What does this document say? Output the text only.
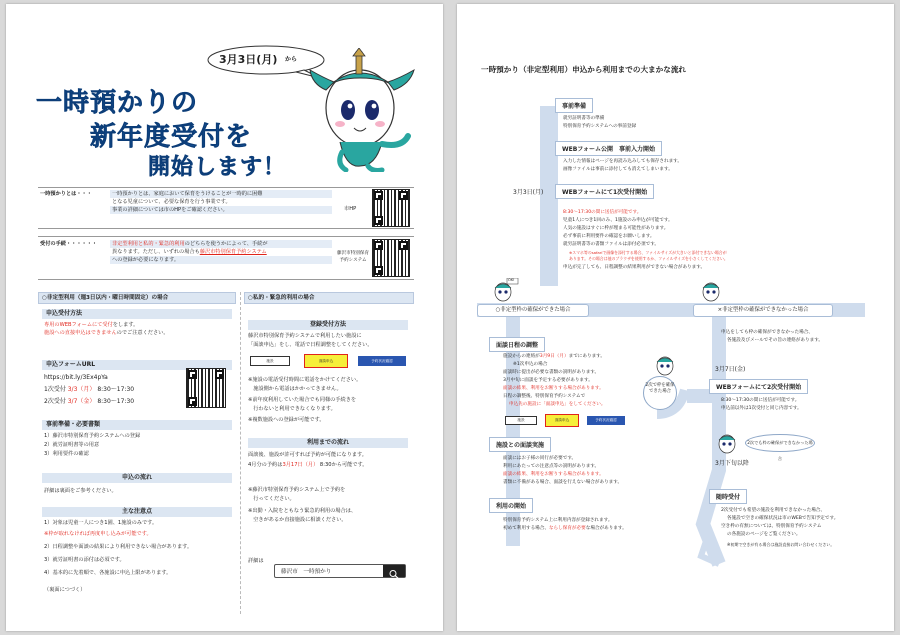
3月3日(月) から
一時預かりの
新年度受付を
開始します！
一時預かりとは・・・	一時預かりとは、家庭において保育をうけることが一時的に困難
となる児童について、必要な保育を行う事業です。
事業の詳細については市のHPをご確認ください。	市HP
受付の手続・・・・・・	非定型利用と私的・緊急的利用のどちらを使うかによって、手続が
異なります。ただし、いずれの場合も藤沢市特別保育予約システム
への登録が必要になります。
藤沢市特別保育予約システム
○非定型利用（週3日以内・曜日時間固定）の場合	○私的・緊急的利用の場合
申込受付方法
専用のWEBフォームにて受付をします。
施設への直接申込はできませんのでご注意ください。
申込フォームURL
https://bit.ly/3Ex4pYa
1次受付 3/3（月） 8:30～17:30
2次受付 3/7（金） 8:30～17:30
事前準備・必要書類
1）藤沢市特別保育予約システムへの登録
2）就労証明書等の用意
3）利用要件の確認
申込の流れ
詳細は裏面をご参考ください。
主な注意点
1）対象は児童一人につき1園、1施設のみです。
※枠が取れなければ再度申し込みが可能です。
2）日程調整や面談の結果により利用できない場合があります。
3）就労証明書の添付は必須です。
4）基本的に先着順で、各施設に申込上限があります。
（裏面につづく）
登録受付方法
藤沢市特別保育予約システムで利用したい施設に
「面談申込」をし、電話で日程調整をしてください。
施設	面談申込	予約状況確認
※施設の電話受付時間に電話をかけてください。
　施設側から電話はかかってきません。
※前年度利用していた場合でも同様の手続きを
　行わないと利用できなくなります。
※複数施設への登録が可能です。
利用までの流れ
面談後、施設が許可すれば予約が可能になります。
4月分の予約は3月17日（月） 8:30から可能です。
※藤沢市特別保育予約システム上で予約を
　行ってください。
※出勤・入院をともなう緊急的利用の場合は、
　空きがあるか直接施設に相談ください。
詳細は
藤沢市　一時預かり
一時預かり（非定型利用）申込から利用までの大まかな流れ
3月3日(月)
3月7日(金)
3月下旬以降
事前準備
就労証明書等の準備
特別保育予約システムへの事前登録
WEBフォーム公開　事前入力開始
入力した情報はページを再読み込みしても保存されます。
画像ファイルは事前に添付しても消えてしまいます。
WEBフォームにて1次受付開始
8:30～17:30の間に送信が可能です。
児童1人につき1回のみ、1施設のみ申込が可能です。
人気の施設はすぐに枠が埋まる可能性があります。
必ず事前に利用要件の確認をお願いします。
就労証明書等の書類ファイルは添付必須です。
※スマホ等のsafariで画像を添付する場合、ファイルサイズが大きいと添付できない場合が
あります。その場合は他のブラウザを使用するか、ファイルサイズを小さくしてください。
申込が完了しても、日程調整の結果利用ができない場合があります。
○非定型枠の確保ができた場合	×非定型枠の確保ができなかった場合
OK!
申込をしても枠の確保ができなかった場合、
各施設及びメールでその旨の連絡があります。
面談日程の調整
施設からの連絡が3月9日（月）までにあります。
※1次申込の場合
面談時に提出が必要な書類の説明があります。
3月中旬に面談を予定する必要があります。
面談の結果、利用をお断りする場合があります。
日程の調整後、特別保育予約システムで
申込先の施設に「面談申込」をしてください。
施設	面談申込	予約状況確認
2次で枠を確保できた場合
WEBフォームにて2次受付開始
8:30～17:30の間に送信が可能です。
申込前以外は1次受付と同じ内容です。
2次でも枠の確保ができなかった場合
施設との面談実施
面談にはお子様の同行が必要です。
利用にあたっての注意点等の説明があります。
面談の結果、利用をお断りする場合があります。
書類に不備がある場合、面談を行えない場合があります。
利用の開始
特別保育予約システム上に利用内容が登録されます。
初めて利用する場合、ならし保育が必要な場合があります。
随時受付
2次受付でも希望の施設を利用できなかった場合、
各施設で空きの確保状況は市のWEBで告知予定です。
空き枠の有無については、特別保育予約システム
の各施設のページをご覧ください。
※初期で空きが有る場合は施設直接お問い合わせください。
